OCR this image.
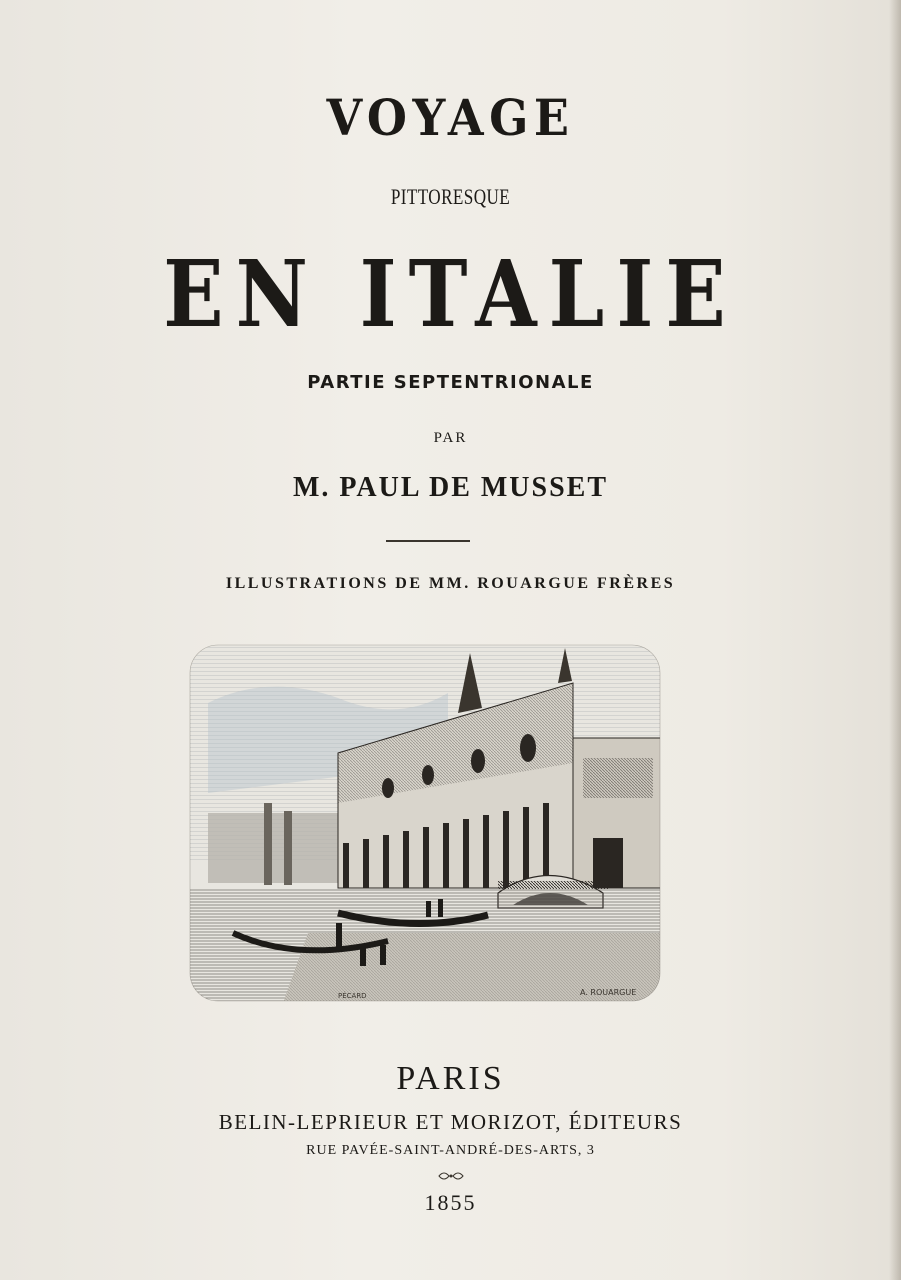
VOYAGE
PITTORESQUE
EN ITALIE
PARTIE SEPTENTRIONALE
PAR
M. PAUL DE MUSSET
ILLUSTRATIONS DE MM. ROUARGUE FRÈRES
PÉCARD	A. ROUARGUE
PARIS
BELIN-LEPRIEUR ET MORIZOT, ÉDITEURS
RUE PAVÉE-SAINT-ANDRÉ-DES-ARTS, 3
1855
